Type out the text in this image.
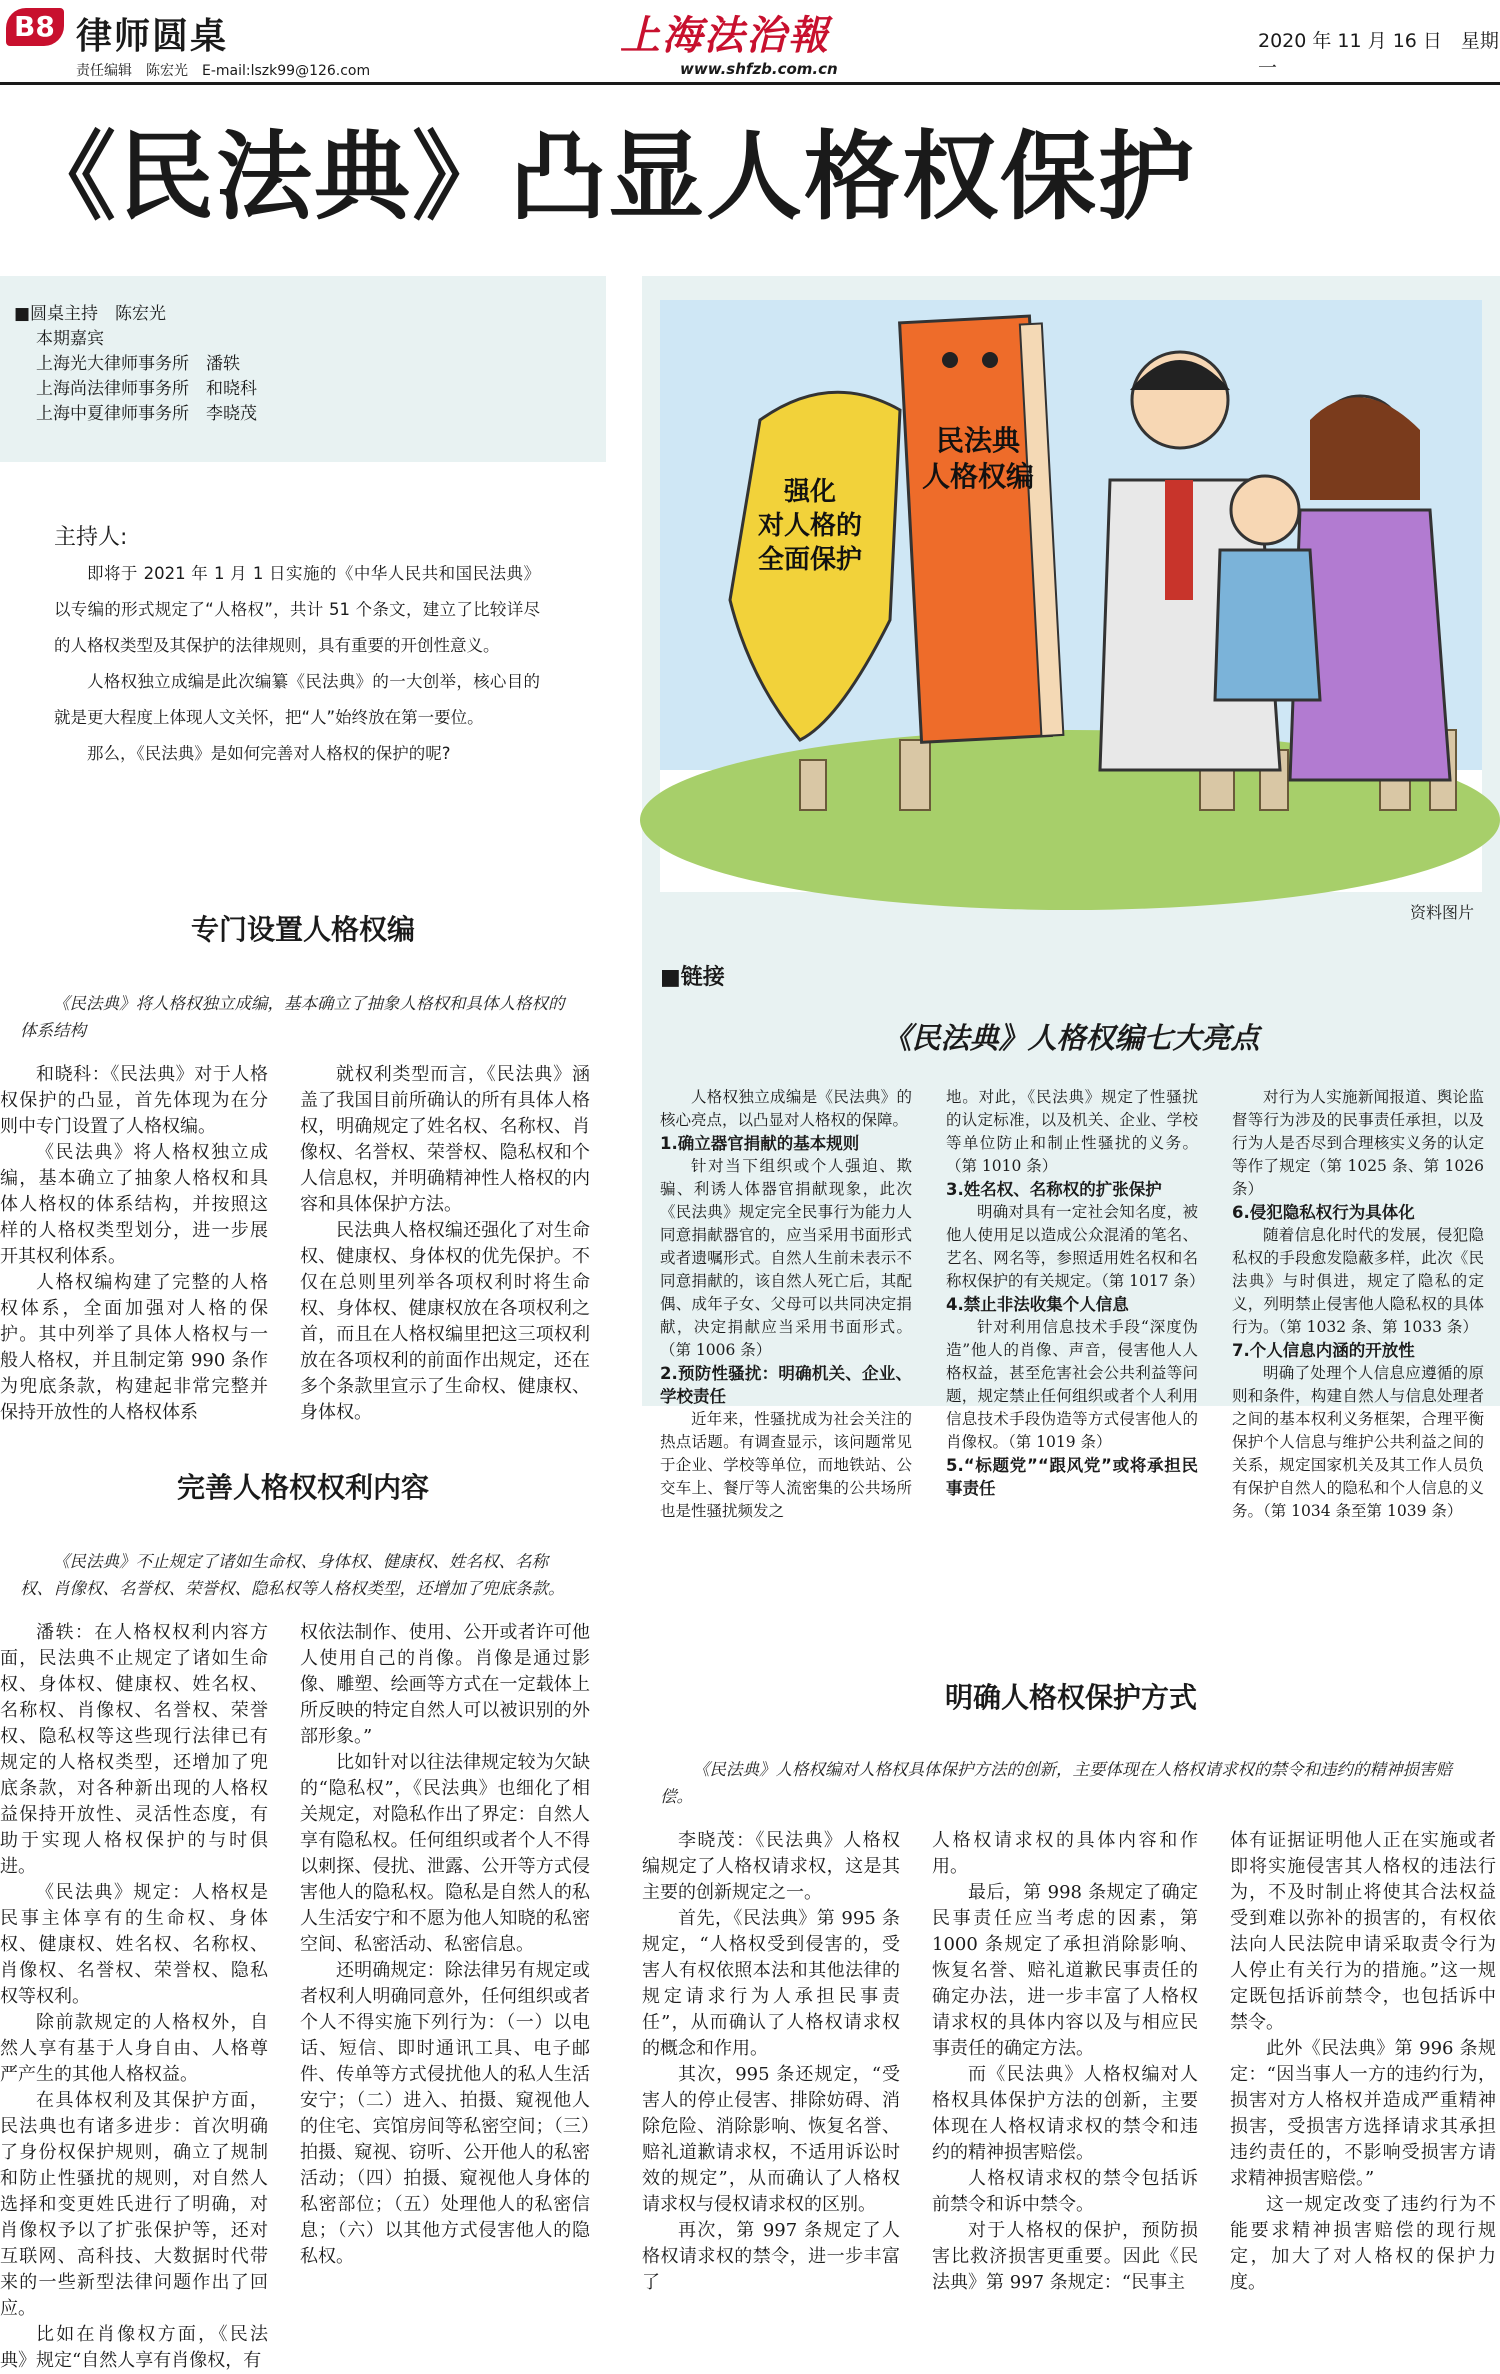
B8 律师圆桌
责任编辑　陈宏光　E-mail:lszk99@126.com
上海法治報
www.shfzb.com.cn
2020 年 11 月 16 日　星期一
《民法典》凸显人格权保护
■圆桌主持　陈宏光
本期嘉宾
上海光大律师事务所　潘轶
上海尚法律师事务所　和晓科
上海中夏律师事务所　李晓茂
主持人:

即将于 2021 年 1 月 1 日实施的《中华人民共和国民法典》以专编的形式规定了“人格权”，共计 51 个条文，建立了比较详尽的人格权类型及其保护的法律规则，具有重要的开创性意义。

人格权独立成编是此次编纂《民法典》的一大创举，核心目的就是更大程度上体现人文关怀，把“人”始终放在第一要位。

那么，《民法典》是如何完善对人格权的保护的呢?

强化对人格的全面保护
民法典人格权编
资料图片
专门设置人格权编
《民法典》将人格权独立成编，基本确立了抽象人格权和具体人格权的体系结构

和晓科：《民法典》对于人格权保护的凸显，首先体现为在分则中专门设置了人格权编。

《民法典》将人格权独立成编，基本确立了抽象人格权和具体人格权的体系结构，并按照这样的人格权类型划分，进一步展开其权利体系。

人格权编构建了完整的人格权体系，全面加强对人格的保护。其中列举了具体人格权与一般人格权，并且制定第 990 条作为兜底条款，构建起非常完整并保持开放性的人格权体系

就权利类型而言，《民法典》涵盖了我国目前所确认的所有具体人格权，明确规定了姓名权、名称权、肖像权、名誉权、荣誉权、隐私权和个人信息权，并明确精神性人格权的内容和具体保护方法。

民法典人格权编还强化了对生命权、健康权、身体权的优先保护。不仅在总则里列举各项权利时将生命权、身体权、健康权放在各项权利之首，而且在人格权编里把这三项权利放在各项权利的前面作出规定，还在多个条款里宣示了生命权、健康权、身体权。

完善人格权权利内容
《民法典》不止规定了诸如生命权、身体权、健康权、姓名权、名称权、肖像权、名誉权、荣誉权、隐私权等人格权类型，还增加了兜底条款。

潘轶：在人格权权利内容方面，民法典不止规定了诸如生命权、身体权、健康权、姓名权、名称权、肖像权、名誉权、荣誉权、隐私权等这些现行法律已有规定的人格权类型，还增加了兜底条款，对各种新出现的人格权益保持开放性、灵活性态度，有助于实现人格权保护的与时俱进。

《民法典》规定：人格权是民事主体享有的生命权、身体权、健康权、姓名权、名称权、肖像权、名誉权、荣誉权、隐私权等权利。

除前款规定的人格权外，自然人享有基于人身自由、人格尊严产生的其他人格权益。

在具体权利及其保护方面，民法典也有诸多进步：首次明确了身份权保护规则，确立了规制和防止性骚扰的规则，对自然人选择和变更姓氏进行了明确，对肖像权予以了扩张保护等，还对互联网、高科技、大数据时代带来的一些新型法律问题作出了回应。

比如在肖像权方面，《民法典》规定“自然人享有肖像权，有

权依法制作、使用、公开或者许可他人使用自己的肖像。肖像是通过影像、雕塑、绘画等方式在一定载体上所反映的特定自然人可以被识别的外部形象。”

比如针对以往法律规定较为欠缺的“隐私权”，《民法典》也细化了相关规定，对隐私作出了界定：自然人享有隐私权。任何组织或者个人不得以刺探、侵扰、泄露、公开等方式侵害他人的隐私权。隐私是自然人的私人生活安宁和不愿为他人知晓的私密空间、私密活动、私密信息。

还明确规定：除法律另有规定或者权利人明确同意外，任何组织或者个人不得实施下列行为：（一）以电话、短信、即时通讯工具、电子邮件、传单等方式侵扰他人的私人生活安宁；（二）进入、拍摄、窥视他人的住宅、宾馆房间等私密空间；（三）拍摄、窥视、窃听、公开他人的私密活动；（四）拍摄、窥视他人身体的私密部位；（五）处理他人的私密信息；（六）以其他方式侵害他人的隐私权。

■链接
《民法典》人格权编七大亮点
人格权独立成编是《民法典》的核心亮点，以凸显对人格权的保障。
1.确立器官捐献的基本规则
针对当下组织或个人强迫、欺骗、利诱人体器官捐献现象，此次《民法典》规定完全民事行为能力人同意捐献器官的，应当采用书面形式或者遗嘱形式。自然人生前未表示不同意捐献的，该自然人死亡后，其配偶、成年子女、父母可以共同决定捐献，决定捐献应当采用书面形式。（第 1006 条）
2.预防性骚扰：明确机关、企业、学校责任
近年来，性骚扰成为社会关注的热点话题。有调查显示，该问题常见于企业、学校等单位，而地铁站、公交车上、餐厅等人流密集的公共场所也是性骚扰频发之
地。对此，《民法典》规定了性骚扰的认定标准，以及机关、企业、学校等单位防止和制止性骚扰的义务。（第 1010 条）
3.姓名权、名称权的扩张保护
明确对具有一定社会知名度，被他人使用足以造成公众混淆的笔名、艺名、网名等，参照适用姓名权和名称权保护的有关规定。（第 1017 条）
4.禁止非法收集个人信息
针对利用信息技术手段“深度伪造”他人的肖像、声音，侵害他人人格权益，甚至危害社会公共利益等问题，规定禁止任何组织或者个人利用信息技术手段伪造等方式侵害他人的肖像权。（第 1019 条）
5.“标题党”“跟风党”或将承担民事责任
对行为人实施新闻报道、舆论监督等行为涉及的民事责任承担，以及行为人是否尽到合理核实义务的认定等作了规定（第 1025 条、第 1026 条）
6.侵犯隐私权行为具体化
随着信息化时代的发展，侵犯隐私权的手段愈发隐蔽多样，此次《民法典》与时俱进，规定了隐私的定义，列明禁止侵害他人隐私权的具体行为。（第 1032 条、第 1033 条）
7.个人信息内涵的开放性
明确了处理个人信息应遵循的原则和条件，构建自然人与信息处理者之间的基本权利义务框架，合理平衡保护个人信息与维护公共利益之间的关系，规定国家机关及其工作人员负有保护自然人的隐私和个人信息的义务。（第 1034 条至第 1039 条）
明确人格权保护方式
《民法典》人格权编对人格权具体保护方法的创新，主要体现在人格权请求权的禁令和违约的精神损害赔偿。

李晓茂：《民法典》人格权编规定了人格权请求权，这是其主要的创新规定之一。

首先，《民法典》第 995 条规定，“人格权受到侵害的，受害人有权依照本法和其他法律的规定请求行为人承担民事责任”，从而确认了人格权请求权的概念和作用。

其次，995 条还规定，“受害人的停止侵害、排除妨碍、消除危险、消除影响、恢复名誉、赔礼道歉请求权，不适用诉讼时效的规定”，从而确认了人格权请求权与侵权请求权的区别。

再次，第 997 条规定了人格权请求权的禁令，进一步丰富了

人格权请求权的具体内容和作用。

最后，第 998 条规定了确定民事责任应当考虑的因素，第 1000 条规定了承担消除影响、恢复名誉、赔礼道歉民事责任的确定办法，进一步丰富了人格权请求权的具体内容以及与相应民事责任的确定方法。

而《民法典》人格权编对人格权具体保护方法的创新，主要体现在人格权请求权的禁令和违约的精神损害赔偿。

人格权请求权的禁令包括诉前禁令和诉中禁令。

对于人格权的保护，预防损害比救济损害更重要。因此《民法典》第 997 条规定：“民事主

体有证据证明他人正在实施或者即将实施侵害其人格权的违法行为，不及时制止将使其合法权益受到难以弥补的损害的，有权依法向人民法院申请采取责令行为人停止有关行为的措施。”这一规定既包括诉前禁令，也包括诉中禁令。

此外《民法典》第 996 条规定：“因当事人一方的违约行为，损害对方人格权并造成严重精神损害，受损害方选择请求其承担违约责任的，不影响受损害方请求精神损害赔偿。”

这一规定改变了违约行为不能要求精神损害赔偿的现行规定，加大了对人格权的保护力度。
